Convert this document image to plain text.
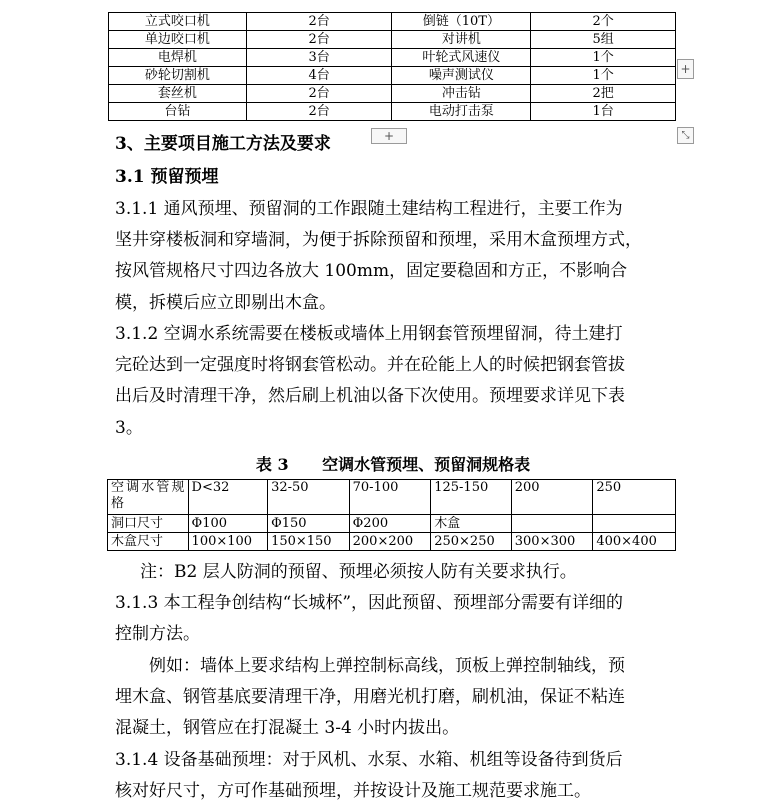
立式咬口机	2台	倒链（10T）	2个
单边咬口机	2台	对讲机	5组
电焊机	3台	叶轮式风速仪	1个
砂轮切割机	4台	噪声测试仪	1个
套丝机	2台	冲击钻	2把
台钻	2台	电动打击泵	1台
+
+
⤡
3、主要项目施工方法及要求
3.1 预留预埋
3.1.1 通风预埋、预留洞的工作跟随土建结构工程进行，主要工作为
坚井穿楼板洞和穿墙洞，为便于拆除预留和预埋，采用木盒预埋方式，
按风管规格尺寸四边各放大 100mm，固定要稳固和方正，不影响合
模，拆模后应立即剔出木盒。
3.1.2 空调水系统需要在楼板或墙体上用钢套管预埋留洞，待土建打
完砼达到一定强度时将钢套管松动。并在砼能上人的时候把钢套管拔
出后及时清理干净，然后刷上机油以备下次使用。预埋要求详见下表
3。
表 3 空调水管预埋、预留洞规格表
空调水管规格	D<32	32-50	70-100	125-150	200	250
洞口尺寸	Φ100	Φ150	Φ200	木盒		
木盒尺寸	100×100	150×150	200×200	250×250	300×300	400×400
注：B2 层人防洞的预留、预埋必须按人防有关要求执行。
3.1.3 本工程争创结构“长城杯”，因此预留、预埋部分需要有详细的
控制方法。
例如：墙体上要求结构上弹控制标高线，顶板上弹控制轴线，预
埋木盒、钢管基底要清理干净，用磨光机打磨，刷机油，保证不粘连
混凝土，钢管应在打混凝土 3-4 小时内拔出。
3.1.4 设备基础预埋：对于风机、水泵、水箱、机组等设备待到货后
核对好尺寸，方可作基础预埋，并按设计及施工规范要求施工。
